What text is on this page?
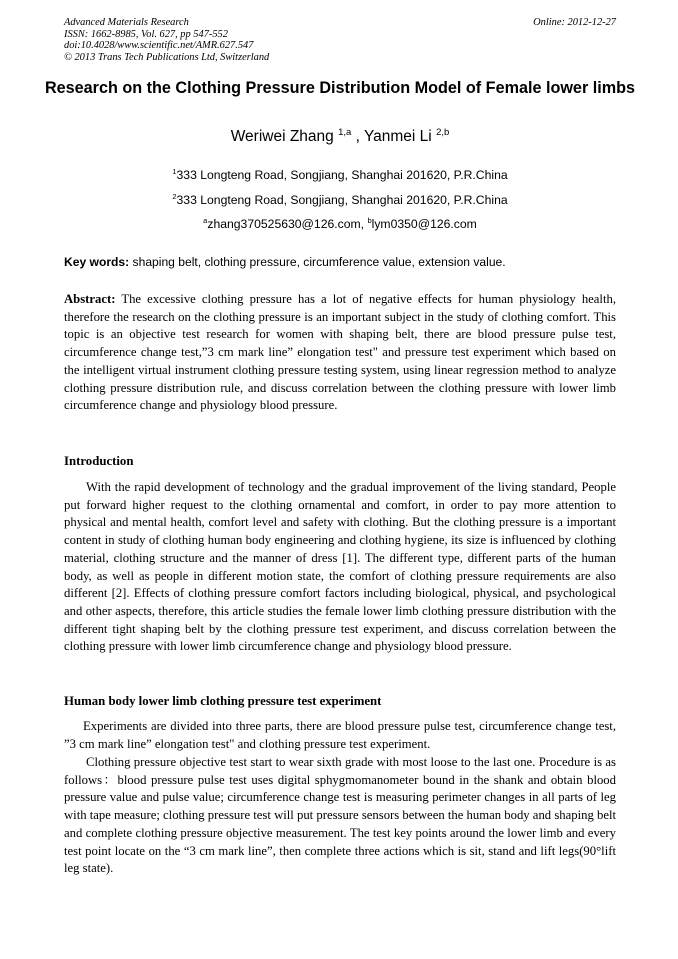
Advanced Materials Research
ISSN: 1662-8985, Vol. 627, pp 547-552
doi:10.4028/www.scientific.net/AMR.627.547
© 2013 Trans Tech Publications Ltd, Switzerland
Online: 2012-12-27
Research on the Clothing Pressure Distribution Model of Female lower limbs
Weriwei Zhang $^{1,a}$ , Yanmei Li $^{2,b}$
$^1$333 Longteng Road, Songjiang, Shanghai 201620, P.R.China
$^2$333 Longteng Road, Songjiang, Shanghai 201620, P.R.China
$^a$zhang370525630@126.com, $^b$lym0350@126.com
Key words: shaping belt, clothing pressure, circumference value, extension value.
Abstract: The excessive clothing pressure has a lot of negative effects for human physiology health, therefore the research on the clothing pressure is an important subject in the study of clothing comfort. This topic is an objective test research for women with shaping belt, there are blood pressure pulse test, circumference change test,”3 cm mark line” elongation test" and pressure test experiment which based on the intelligent virtual instrument clothing pressure testing system, using linear regression method to analyze clothing pressure distribution rule, and discuss correlation between the clothing pressure with lower limb circumference change and physiology blood pressure.
Introduction

With the rapid development of technology and the gradual improvement of the living standard, People put forward higher request to the clothing ornamental and comfort, in order to pay more attention to physical and mental health, comfort level and safety with clothing. But the clothing pressure is a important content in study of clothing human body engineering and clothing hygiene, its size is influenced by clothing material, clothing structure and the manner of dress [1]. The different type, different parts of the human body, as well as people in different motion state, the comfort of clothing pressure requirements are also different [2]. Effects of clothing pressure comfort factors including biological, physical, and psychological and other aspects, therefore, this article studies the female lower limb clothing pressure distribution with the different tight shaping belt by the clothing pressure test experiment, and discuss correlation between the clothing pressure with lower limb circumference change and physiology blood pressure.

Human body lower limb clothing pressure test experiment

Experiments are divided into three parts, there are blood pressure pulse test, circumference change test, ”3 cm mark line” elongation test" and clothing pressure test experiment.

Clothing pressure objective test start to wear sixth grade with most loose to the last one. Procedure is as follows：blood pressure pulse test uses digital sphygmomanometer bound in the shank and obtain blood pressure value and pulse value; circumference change test is measuring perimeter changes in all parts of leg with tape measure; clothing pressure test will put pressure sensors between the human body and shaping belt and complete clothing pressure objective measurement. The test key points around the lower limb and every test point locate on the “3 cm mark line”, then complete three actions which is sit, stand and lift legs(90°lift leg state).
